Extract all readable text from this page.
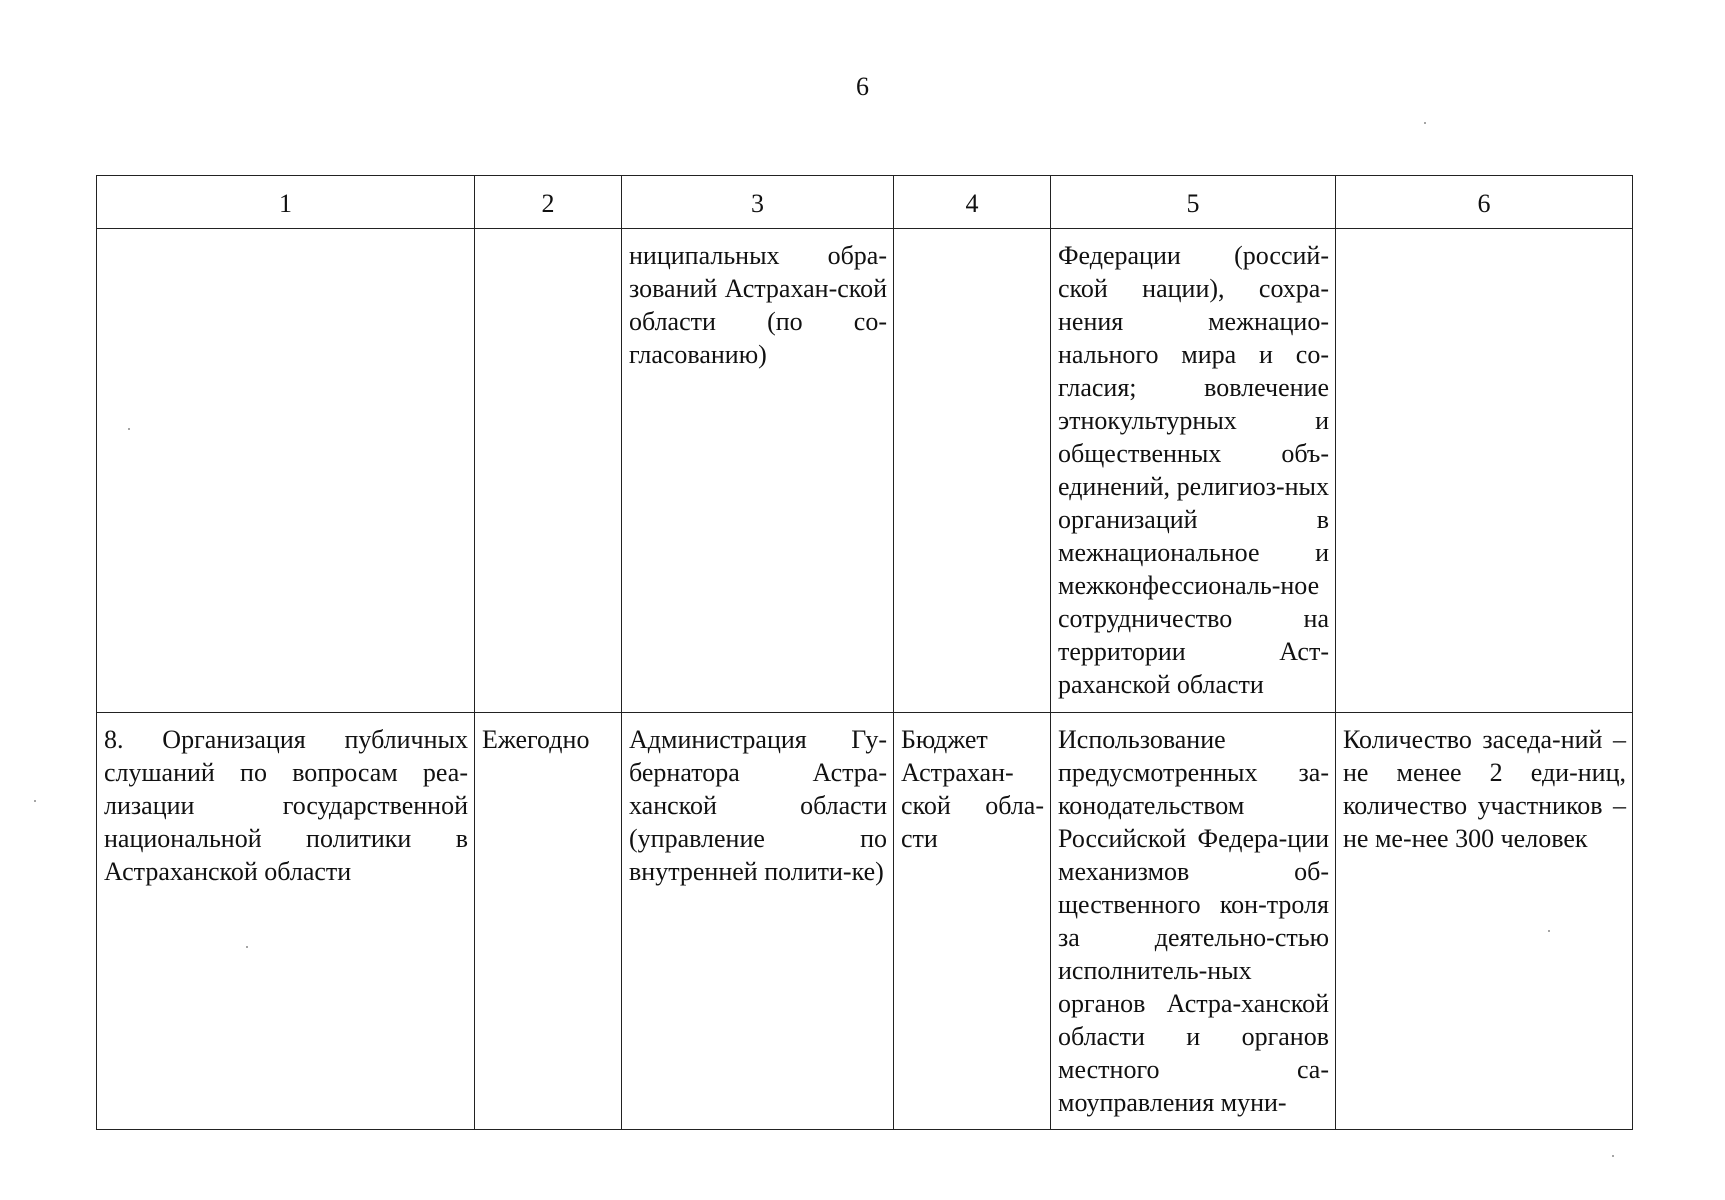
6
1	2	3	4	5	6

		ниципальных обра-зований Астрахан-ской области (по со-гласованию)		Федерации (россий-ской нации), сохра-нения межнацио-нального мира и со-гласия; вовлечение этнокультурных и общественных объ-единений, религиоз-ных организаций в межнациональное и межконфессиональ-ное сотрудничество на территории Аст-раханской области	

8. Организация публичных слушаний по вопросам реа-лизации государственной национальной политики в Астраханской области	Ежегодно	Администрация Гу-бернатора Астра-ханской области (управление по внутренней полити-ке)	Бюджет Астрахан-ской обла-сти	Использование предусмотренных за-конодательством Российской Федера-ции механизмов об-щественного кон-троля за деятельно-стью исполнитель-ных органов Астра-ханской области и органов местного са-моуправления муни-	Количество заседа-ний – не менее 2 еди-ниц, количество участников – не ме-нее 300 человек
